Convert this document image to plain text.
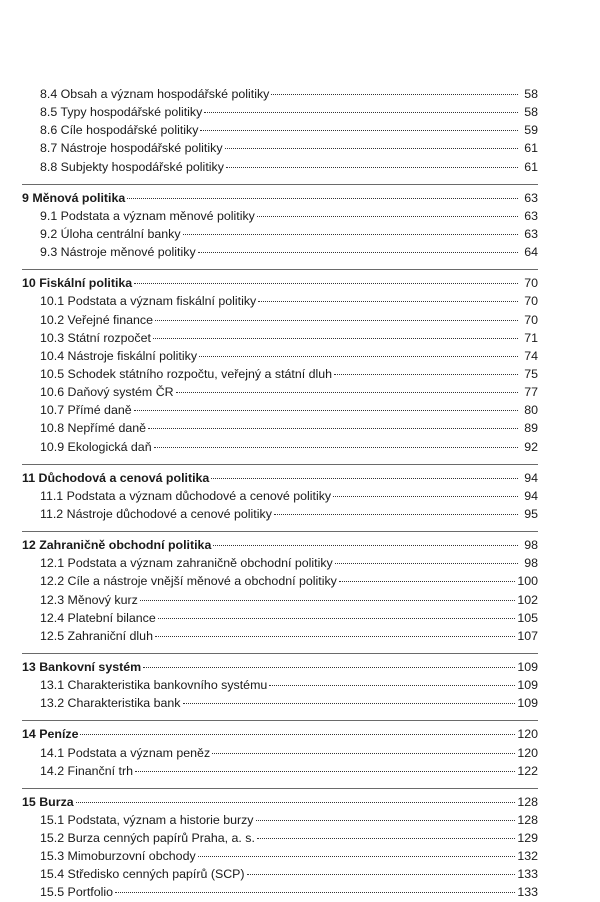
8.4 Obsah a význam hospodářské politiky	58
8.5 Typy hospodářské politiky	58
8.6 Cíle hospodářské politiky	59
8.7 Nástroje hospodářské politiky	61
8.8 Subjekty hospodářské politiky	61
9 Měnová politika	63
9.1 Podstata a význam měnové politiky	63
9.2 Úloha centrální banky	63
9.3 Nástroje měnové politiky	64
10 Fiskální politika	70
10.1 Podstata a význam fiskální politiky	70
10.2 Veřejné finance	70
10.3 Státní rozpočet	71
10.4 Nástroje fiskální politiky	74
10.5 Schodek státního rozpočtu, veřejný a státní dluh	75
10.6 Daňový systém ČR	77
10.7 Přímé daně	80
10.8 Nepřímé daně	89
10.9 Ekologická daň	92
11 Důchodová a cenová politika	94
11.1 Podstata a význam důchodové a cenové politiky	94
11.2 Nástroje důchodové a cenové politiky	95
12 Zahraničně obchodní politika	98
12.1 Podstata a význam zahraničně obchodní politiky	98
12.2 Cíle a nástroje vnější měnové a obchodní politiky	100
12.3 Měnový kurz	102
12.4 Platební bilance	105
12.5 Zahraniční dluh	107
13 Bankovní systém	109
13.1 Charakteristika bankovního systému	109
13.2 Charakteristika bank	109
14 Peníze	120
14.1 Podstata a význam peněz	120
14.2 Finanční trh	122
15 Burza	128
15.1 Podstata, význam a historie burzy	128
15.2 Burza cenných papírů Praha, a. s.	129
15.3 Mimoburzovní obchody	132
15.4 Středisko cenných papírů (SCP)	133
15.5 Portfolio	133
